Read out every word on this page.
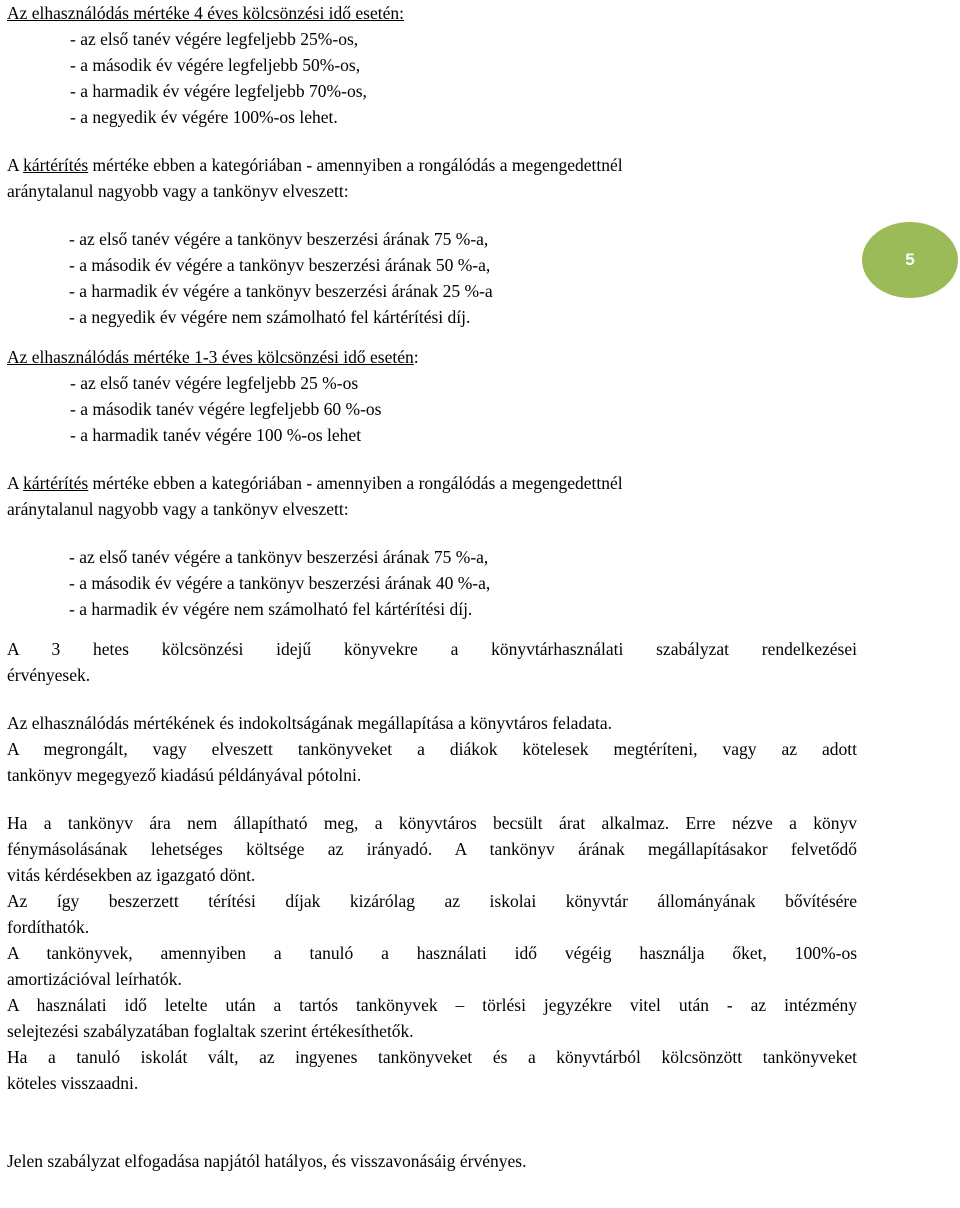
Az elhasználódás mértéke 4 éves kölcsönzési idő esetén:
- az első tanév végére legfeljebb 25%-os,
- a második év végére legfeljebb 50%-os,
- a harmadik év végére legfeljebb 70%-os,
- a negyedik év végére 100%-os lehet.
A kártérítés mértéke ebben a kategóriában - amennyiben a rongálódás a megengedettnél
aránytalanul nagyobb vagy a tankönyv elveszett:
- az első tanév végére a tankönyv beszerzési árának 75 %-a,
- a második év végére a tankönyv beszerzési árának 50 %-a,
- a harmadik év végére a tankönyv beszerzési árának 25 %-a
- a negyedik év végére nem számolható fel kártérítési díj.
Az elhasználódás mértéke 1-3 éves kölcsönzési idő esetén:
- az első tanév végére legfeljebb 25 %-os
- a második tanév végére legfeljebb 60 %-os
- a harmadik tanév végére 100 %-os lehet
A kártérítés mértéke ebben a kategóriában - amennyiben a rongálódás a megengedettnél
aránytalanul nagyobb vagy a tankönyv elveszett:
- az első tanév végére a tankönyv beszerzési árának 75 %-a,
- a második év végére a tankönyv beszerzési árának 40 %-a,
- a harmadik év végére nem számolható fel kártérítési díj.
A 3 hetes kölcsönzési idejű könyvekre a könyvtárhasználati szabályzat rendelkezései
érvényesek.
Az elhasználódás mértékének és indokoltságának megállapítása a könyvtáros feladata.
A megrongált, vagy elveszett tankönyveket a diákok kötelesek megtéríteni, vagy az adott
tankönyv megegyező kiadású példányával pótolni.
Ha a tankönyv ára nem állapítható meg, a könyvtáros becsült árat alkalmaz. Erre nézve a könyv
fénymásolásának lehetséges költsége az irányadó. A tankönyv árának megállapításakor felvetődő
vitás kérdésekben az igazgató dönt.
Az így beszerzett térítési díjak kizárólag az iskolai könyvtár állományának bővítésére
fordíthatók.
A tankönyvek, amennyiben a tanuló a használati idő végéig használja őket, 100%-os
amortizációval leírhatók.
A használati idő letelte után a tartós tankönyvek – törlési jegyzékre vitel után - az intézmény
selejtezési szabályzatában foglaltak szerint értékesíthetők.
Ha a tanuló iskolát vált, az ingyenes tankönyveket és a könyvtárból kölcsönzött tankönyveket
köteles visszaadni.
Jelen szabályzat elfogadása napjától hatályos, és visszavonásáig érvényes.
5
